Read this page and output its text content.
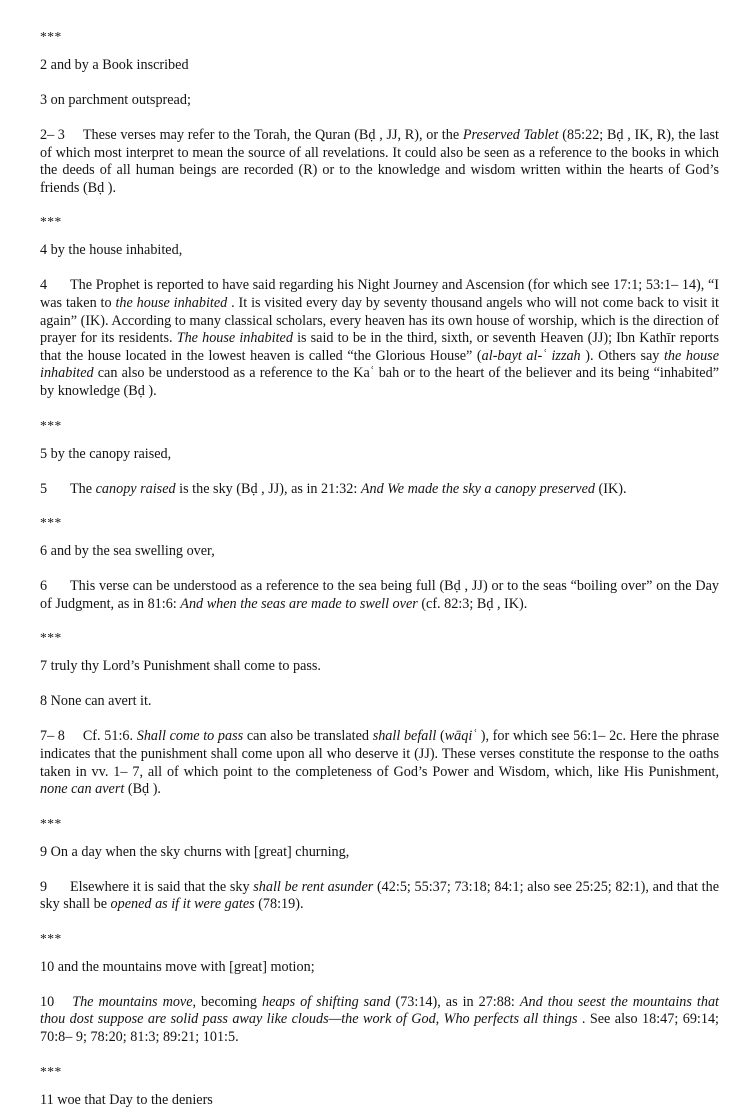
***

2 and by a Book inscribed

3 on parchment outspread;

2– 3 These verses may refer to the Torah, the Quran (Bḍ , JJ, R), or the Preserved Tablet (85:22; Bḍ , IK, R), the last of which most interpret to mean the source of all revelations. It could also be seen as a reference to the books in which the deeds of all human beings are recorded (R) or to the knowledge and wisdom written within the hearts of God’s friends (Bḍ ).

***

4 by the house inhabited,

4 The Prophet is reported to have said regarding his Night Journey and Ascension (for which see 17:1; 53:1– 14), “I was taken to the house inhabited . It is visited every day by seventy thousand angels who will not come back to visit it again” (IK). According to many classical scholars, every heaven has its own house of worship, which is the direction of prayer for its residents. The house inhabited is said to be in the third, sixth, or seventh Heaven (JJ); Ibn Kathīr reports that the house located in the lowest heaven is called “the Glorious House” (al-bayt al-ʿ izzah ). Others say the house inhabited can also be understood as a reference to the Kaʿ bah or to the heart of the believer and its being “inhabited” by knowledge (Bḍ ).

***

5 by the canopy raised,

5 The canopy raised is the sky (Bḍ , JJ), as in 21:32: And We made the sky a canopy preserved (IK).

***

6 and by the sea swelling over,

6 This verse can be understood as a reference to the sea being full (Bḍ , JJ) or to the seas “boiling over” on the Day of Judgment, as in 81:6: And when the seas are made to swell over (cf. 82:3; Bḍ , IK).

***

7 truly thy Lord’s Punishment shall come to pass.

8 None can avert it.

7– 8 Cf. 51:6. Shall come to pass can also be translated shall befall (wāqiʿ ), for which see 56:1– 2c. Here the phrase indicates that the punishment shall come upon all who deserve it (JJ). These verses constitute the response to the oaths taken in vv. 1– 7, all of which point to the completeness of God’s Power and Wisdom, which, like His Punishment, none can avert (Bḍ ).

***

9 On a day when the sky churns with [great] churning,

9 Elsewhere it is said that the sky shall be rent asunder (42:5; 55:37; 73:18; 84:1; also see 25:25; 82:1), and that the sky shall be opened as if it were gates (78:19).

***

10 and the mountains move with [great] motion;

10 The mountains move, becoming heaps of shifting sand (73:14), as in 27:88: And thou seest the mountains that thou dost suppose are solid pass away like clouds—the work of God, Who perfects all things . See also 18:47; 69:14; 70:8– 9; 78:20; 81:3; 89:21; 101:5.

***

11 woe that Day to the deniers
